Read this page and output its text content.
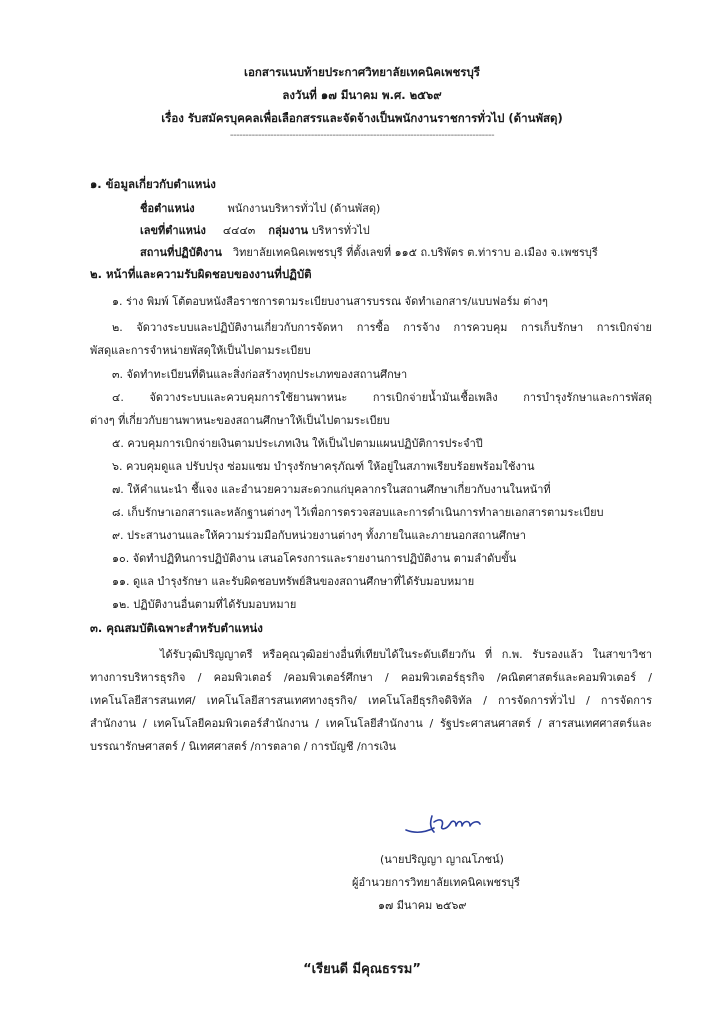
เอกสารแนบท้ายประกาศวิทยาลัยเทคนิคเพชรบุรี
ลงวันที่ ๑๗ มีนาคม พ.ศ. ๒๕๖๙
เรื่อง รับสมัครบุคคลเพื่อเลือกสรรและจัดจ้างเป็นพนักงานราชการทั่วไป (ด้านพัสดุ)
-------------------------------------------------------------------------------------
๑. ข้อมูลเกี่ยวกับตำแหน่ง
ชื่อตำแหน่ง	พนักงานบริหารทั่วไป (ด้านพัสดุ)
เลขที่ตำแหน่ง ๔๔๔๓ กลุ่มงาน บริหารทั่วไป
สถานที่ปฏิบัติงาน วิทยาลัยเทคนิคเพชรบุรี ที่ตั้งเลขที่ ๑๑๕ ถ.บริพัตร ต.ท่าราบ อ.เมือง จ.เพชรบุรี
๒. หน้าที่และความรับผิดชอบของงานที่ปฏิบัติ
๑. ร่าง พิมพ์ โต้ตอบหนังสือราชการตามระเบียบงานสารบรรณ จัดทำเอกสาร/แบบฟอร์ม ต่างๆ
๒. จัดวางระบบและปฏิบัติงานเกี่ยวกับการจัดหา การซื้อ การจ้าง การควบคุม การเก็บรักษา การเบิกจ่าย
พัสดุและการจำหน่ายพัสดุให้เป็นไปตามระเบียบ
๓. จัดทำทะเบียนที่ดินและสิ่งก่อสร้างทุกประเภทของสถานศึกษา
๔. จัดวางระบบและควบคุมการใช้ยานพาหนะ การเบิกจ่ายน้ำมันเชื้อเพลิง การบำรุงรักษาและการพัสดุ
ต่างๆ ที่เกี่ยวกับยานพาหนะของสถานศึกษาให้เป็นไปตามระเบียบ
๕. ควบคุมการเบิกจ่ายเงินตามประเภทเงิน ให้เป็นไปตามแผนปฏิบัติการประจำปี
๖. ควบคุมดูแล ปรับปรุง ซ่อมแซม บำรุงรักษาครุภัณฑ์ ให้อยู่ในสภาพเรียบร้อยพร้อมใช้งาน
๗. ให้คำแนะนำ ชี้แจง และอำนวยความสะดวกแก่บุคลากรในสถานศึกษาเกี่ยวกับงานในหน้าที่
๘. เก็บรักษาเอกสารและหลักฐานต่างๆ ไว้เพื่อการตรวจสอบและการดำเนินการทำลายเอกสารตามระเบียบ
๙. ประสานงานและให้ความร่วมมือกับหน่วยงานต่างๆ ทั้งภายในและภายนอกสถานศึกษา
๑๐. จัดทำปฏิทินการปฏิบัติงาน เสนอโครงการและรายงานการปฏิบัติงาน ตามลำดับขั้น
๑๑. ดูแล บำรุงรักษา และรับผิดชอบทรัพย์สินของสถานศึกษาที่ได้รับมอบหมาย
๑๒. ปฏิบัติงานอื่นตามที่ได้รับมอบหมาย
๓. คุณสมบัติเฉพาะสำหรับตำแหน่ง
ได้รับวุฒิปริญญาตรี หรือคุณวุฒิอย่างอื่นที่เทียบได้ในระดับเดียวกัน ที่ ก.พ. รับรองแล้ว ในสาขาวิชา
ทางการบริหารธุรกิจ / คอมพิวเตอร์ /คอมพิวเตอร์ศึกษา / คอมพิวเตอร์ธุรกิจ /คณิตศาสตร์และคอมพิวเตอร์ /
เทคโนโลยีสารสนเทศ/ เทคโนโลยีสารสนเทศทางธุรกิจ/ เทคโนโลยีธุรกิจดิจิทัล / การจัดการทั่วไป / การจัดการ
สำนักงาน / เทคโนโลยีคอมพิวเตอร์สำนักงาน / เทคโนโลยีสำนักงาน / รัฐประศาสนศาสตร์ / สารสนเทศศาสตร์และ
บรรณารักษศาสตร์ / นิเทศศาสตร์ /การตลาด / การบัญชี /การเงิน
(นายปริญญา ญาณโภชน์)
ผู้อำนวยการวิทยาลัยเทคนิคเพชรบุรี
๑๗ มีนาคม ๒๕๖๙
“เรียนดี มีคุณธรรม”
